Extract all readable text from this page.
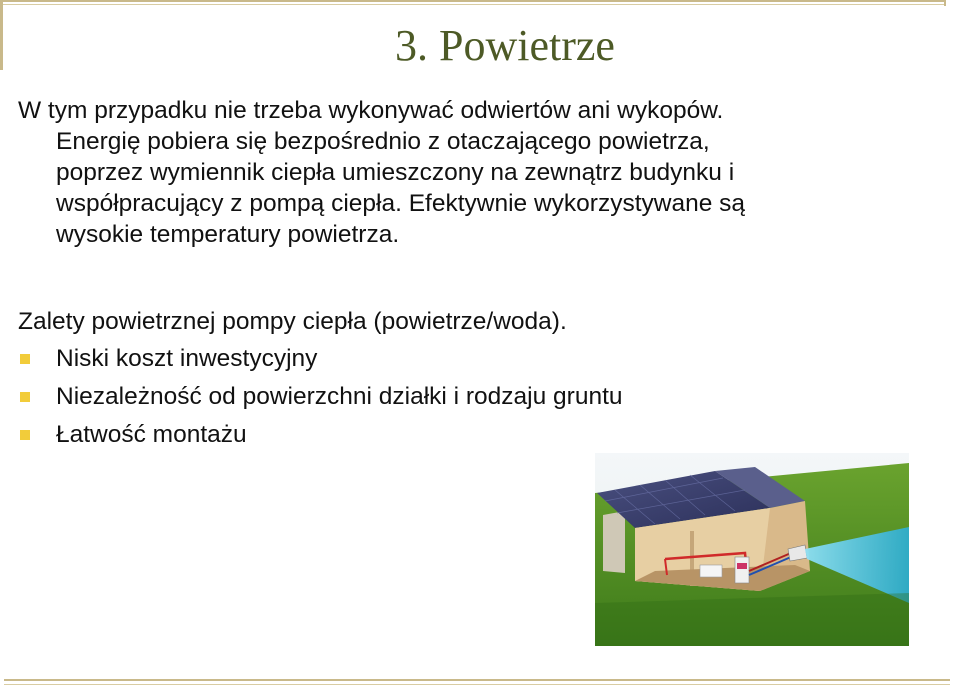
3. Powietrze

W tym przypadku nie trzeba wykonywać odwiertów ani wykopów.
Energię pobiera się bezpośrednio z otaczającego powietrza,
poprzez wymiennik ciepła umieszczony na zewnątrz budynku i
współpracujący z pompą ciepła. Efektywnie wykorzystywane są
wysokie temperatury powietrza.

Zalety powietrznej pompy ciepła (powietrze/woda).

Niski koszt inwestycyjny
Niezależność od powierzchni działki i rodzaju gruntu
Łatwość montażu
